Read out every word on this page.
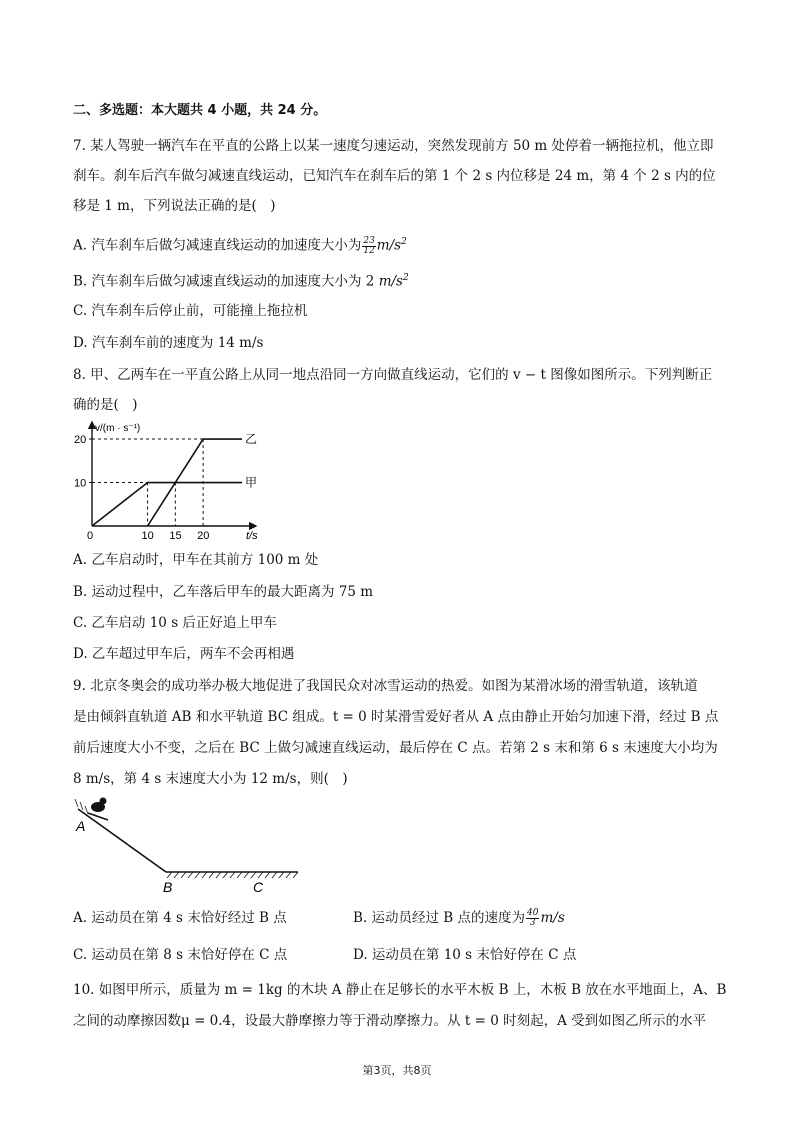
二、多选题：本大题共 4 小题，共 24 分。
7. 某人驾驶一辆汽车在平直的公路上以某一速度匀速运动，突然发现前方 50 m 处停着一辆拖拉机，他立即
刹车。刹车后汽车做匀减速直线运动，已知汽车在刹车后的第 1 个 2 s 内位移是 24 m，第 4 个 2 s 内的位
移是 1 m，下列说法正确的是(　)
A. 汽车刹车后做匀减速直线运动的加速度大小为 $\frac{23}{12} m/s^2$
B. 汽车刹车后做匀减速直线运动的加速度大小为 2 $m/s^2$
C. 汽车刹车后停止前，可能撞上拖拉机
D. 汽车刹车前的速度为 14 m/s
8. 甲、乙两车在一平直公路上从同一地点沿同一方向做直线运动，它们的 v − t 图像如图所示。下列判断正
确的是(　)
甲
乙
0	10 15 20
10
20
v/(m · s⁻¹)
t/s
A. 乙车启动时，甲车在其前方 100 m 处
B. 运动过程中，乙车落后甲车的最大距离为 75 m
C. 乙车启动 10 s 后正好追上甲车
D. 乙车超过甲车后，两车不会再相遇
9. 北京冬奥会的成功举办极大地促进了我国民众对冰雪运动的热爱。如图为某滑冰场的滑雪轨道，该轨道
是由倾斜直轨道 AB 和水平轨道 BC 组成。t = 0 时某滑雪爱好者从 A 点由静止开始匀加速下滑，经过 B 点
前后速度大小不变，之后在 BC 上做匀减速直线运动，最后停在 C 点。若第 2 s 末和第 6 s 末速度大小均为
8 m/s，第 4 s 末速度大小为 12 m/s，则(　)
A
B	C
A. 运动员在第 4 s 末恰好经过 B 点	B. 运动员经过 B 点的速度为 $\frac{40}{3} m/s$
C. 运动员在第 8 s 末恰好停在 C 点	D. 运动员在第 10 s 末恰好停在 C 点
10. 如图甲所示，质量为 m = 1kg 的木块 A 静止在足够长的水平木板 B 上，木板 B 放在水平地面上，A、B
之间的动摩擦因数μ = 0.4，设最大静摩擦力等于滑动摩擦力。从 t = 0 时刻起，A 受到如图乙所示的水平
第3页，共8页
